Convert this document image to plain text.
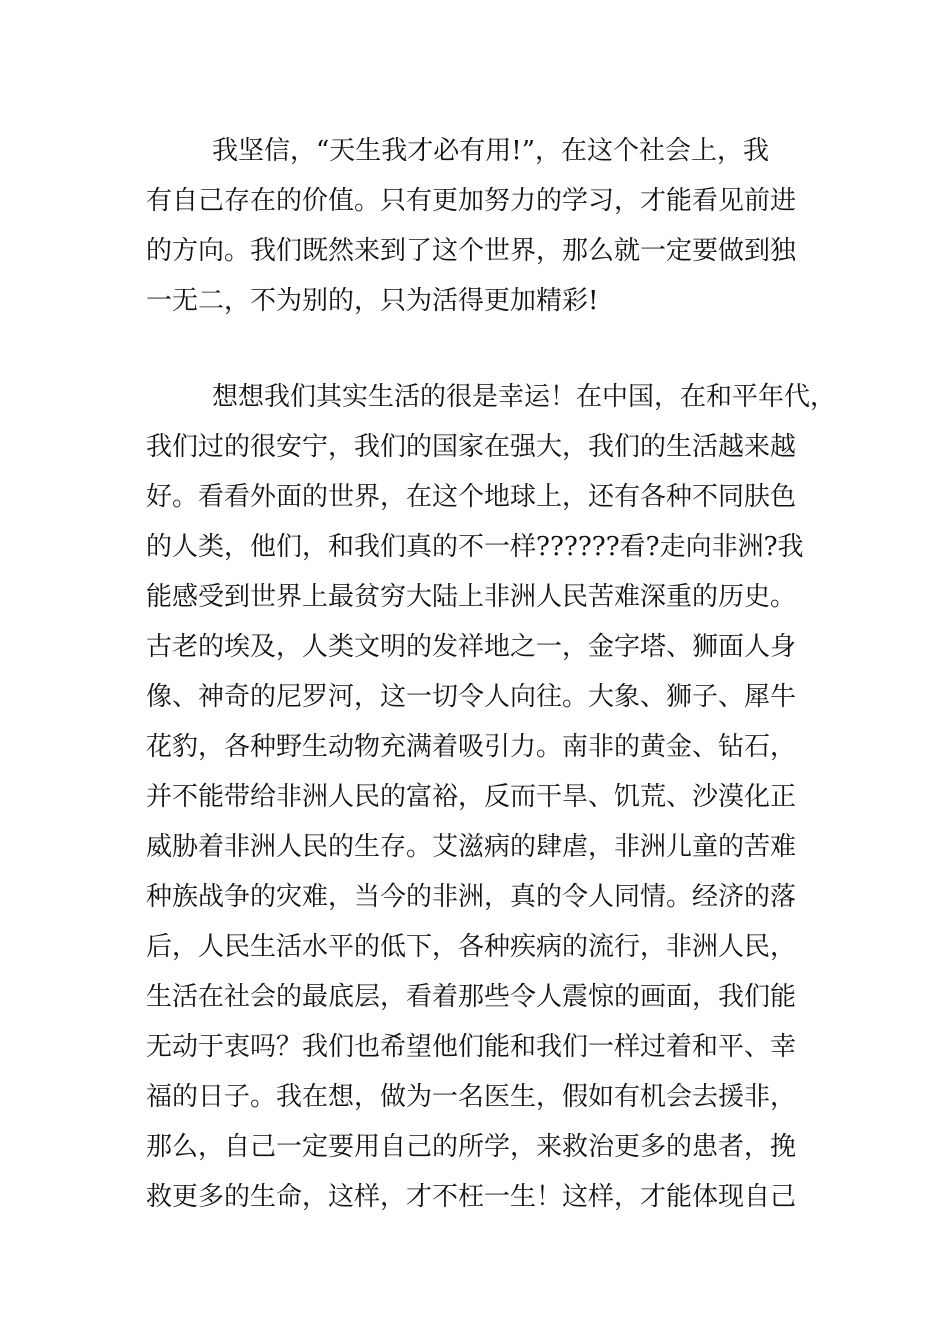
我坚信，“天生我才必有用!”，在这个社会上，我
有自己存在的价值。只有更加努力的学习，才能看见前进
的方向。我们既然来到了这个世界，那么就一定要做到独
一无二，不为别的，只为活得更加精彩!
想想我们其实生活的很是幸运！在中国，在和平年代，
我们过的很安宁，我们的国家在强大，我们的生活越来越
好。看看外面的世界，在这个地球上，还有各种不同肤色
的人类，他们，和我们真的不一样??????看?走向非洲?我
能感受到世界上最贫穷大陆上非洲人民苦难深重的历史。
古老的埃及，人类文明的发祥地之一，金字塔、狮面人身
像、神奇的尼罗河，这一切令人向往。大象、狮子、犀牛
花豹，各种野生动物充满着吸引力。南非的黄金、钻石，
并不能带给非洲人民的富裕，反而干旱、饥荒、沙漠化正
威胁着非洲人民的生存。艾滋病的肆虐，非洲儿童的苦难
种族战争的灾难，当今的非洲，真的令人同情。经济的落
后，人民生活水平的低下，各种疾病的流行，非洲人民，
生活在社会的最底层，看着那些令人震惊的画面，我们能
无动于衷吗？我们也希望他们能和我们一样过着和平、幸
福的日子。我在想，做为一名医生，假如有机会去援非，
那么，自己一定要用自己的所学，来救治更多的患者，挽
救更多的生命，这样，才不枉一生！这样，才能体现自己
